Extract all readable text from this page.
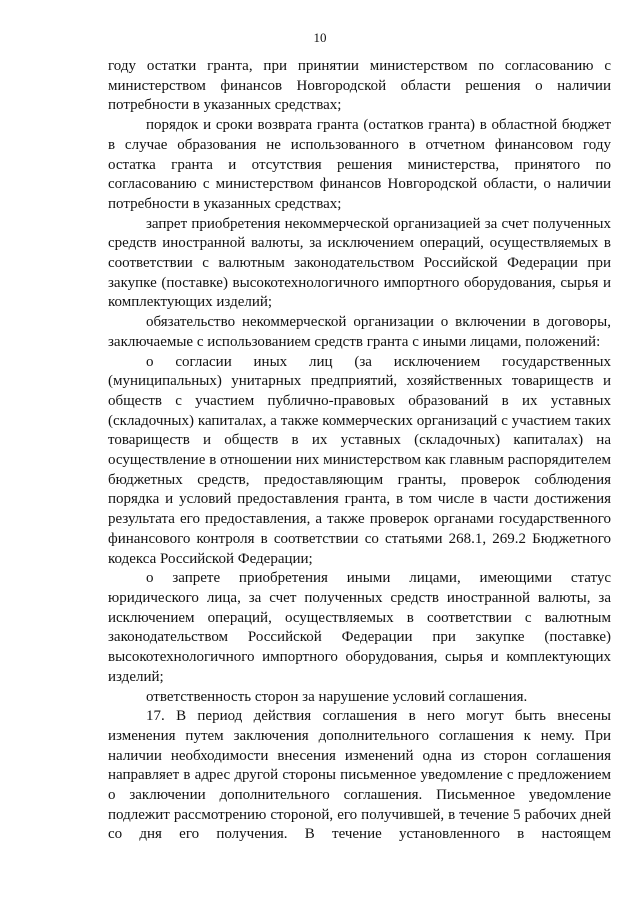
10

году остатки гранта, при принятии министерством по согласованию с министерством финансов Новгородской области решения о наличии потребности в указанных средствах;

порядок и сроки возврата гранта (остатков гранта) в областной бюджет в случае образования не использованного в отчетном финансовом году остатка гранта и отсутствия решения министерства, принятого по согласованию с министерством финансов Новгородской области, о наличии потребности в указанных средствах;

запрет приобретения некоммерческой организацией за счет полученных средств иностранной валюты, за исключением операций, осуществляемых в соответствии с валютным законодательством Российской Федерации при закупке (поставке) высокотехнологичного импортного оборудования, сырья и комплектующих изделий;

обязательство некоммерческой организации о включении в договоры, заключаемые с использованием средств гранта с иными лицами, положений:

о согласии иных лиц (за исключением государственных (муниципальных) унитарных предприятий, хозяйственных товариществ и обществ с участием публично-правовых образований в их уставных (складочных) капиталах, а также коммерческих организаций с участием таких товариществ и обществ в их уставных (складочных) капиталах) на осуществление в отношении них министерством как главным распорядителем бюджетных средств, предоставляющим гранты, проверок соблюдения порядка и условий предоставления гранта, в том числе в части достижения результата его предоставления, а также проверок органами государственного финансового контроля в соответствии со статьями 268.1, 269.2 Бюджетного кодекса Российской Федерации;

о запрете приобретения иными лицами, имеющими статус юридического лица, за счет полученных средств иностранной валюты, за исключением операций, осуществляемых в соответствии с валютным законодательством Российской Федерации при закупке (поставке) высокотехнологичного импортного оборудования, сырья и комплектующих изделий;

ответственность сторон за нарушение условий соглашения.

17. В период действия соглашения в него могут быть внесены изменения путем заключения дополнительного соглашения к нему. При наличии необходимости внесения изменений одна из сторон соглашения направляет в адрес другой стороны письменное уведомление с предложением о заключении дополнительного соглашения. Письменное уведомление подлежит рассмотрению стороной, его получившей, в течение 5 рабочих дней со дня его получения. В течение установленного в настоящем
